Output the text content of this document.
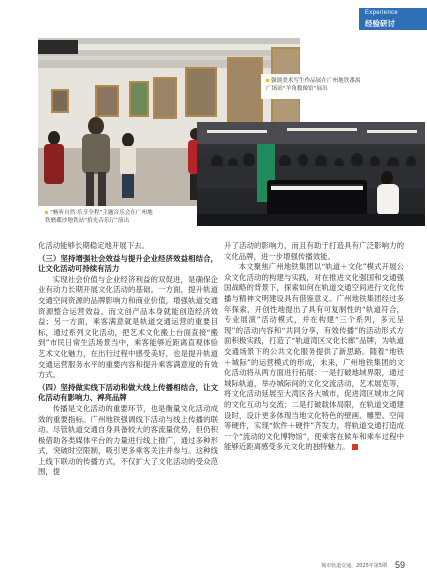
Experience
经验研讨
强颂美术写生作品展在广州地铁番禺广场站“羊角数像馆”展出
“畅听自然·乐享全程”主题音乐会在广州地铁磨碟沙地铁站“拾光音乐厅”演出
化活动能够长期稳定地开展下去。
（三）坚持增强社会效益与提升企业经济效益相结合，让文化活动可持续有活力
实现社会价值与企业经济利益的双促进，是确保企业有动力长期开展文化活动的基础。一方面，提升轨道交通空间资源的品牌影响力和商业价值，增强轨道交通资源整合运营效益，而文创产品本身就能创造经济效益；另一方面，乘客满意就是轨道交通运营的重要目标，通过系列文化活动，把艺术文化搬上台面直接“搬到”市民日常生活场景当中，乘客能够近距离直观体验艺术文化魅力，在出行过程中感受美好，也是提升轨道交通运营服务水平的重要内容和提升乘客满意度的有效方式。
（四）坚持做实线下活动和做大线上传播相结合，让文化活动有影响力、裨亮品牌
传播是文化活动的重要环节，也是衡量文化活动成效的重要指标。广州地铁强调线下活动与线上传播的联动。尽管轨道交通自身具备较大的客流量优势，但仍积极借助各类媒体平台的力量进行线上推广，通过多种形式，突破时空限制，吸引更多乘客关注并参与。这种线上线下联动的传播方式，不仅扩大了文化活动的受众范围，提
升了活动的影响力，而且有助于打造具有广泛影响力的文化品牌，进一步增强传播效能。
本文聚焦广州地铁集团以“轨道＋文化”模式开展公众文化活动的构建与实践，对在推进文化强国和交通强国战略的背景下，探索如何在轨道交通空间进行文化传播与精神文明建设具有借鉴意义。广州地铁集团经过多年探索，开创性地提出了具有可复制性的“轨道符合，专业展演”活动模式，并在构建“三个系列，多元呈现”的活动内容和“共同分享，有效传播”的活动形式方面积极实践，打造了“轨道湾区文化长廊”品牌，为轨道交通场景下的公共文化服务提供了新思路。随着“地铁＋城际”的运营模式的形成，未来，广州地铁集团的文化活动将从两方面进行拓展：一是打破地域界限，通过城际轨道，举办城际间的文化交流活动，艺术展览等，将文化活动延展至大湾区各大城市，促进湾区城市之间的文化互动与交流；二是打破载体局限，在轨道交通建设时，设计更多体现当地文化特色的壁画、雕塑、空间等硬件，实现“软件＋硬件”齐发力，将轨道交通打造成一个“流动的文化博物馆”，使乘客在候车和乘车过程中能够近距离感受多元文化的独特魅力。
城市轨道交通，2025年第5期 59
